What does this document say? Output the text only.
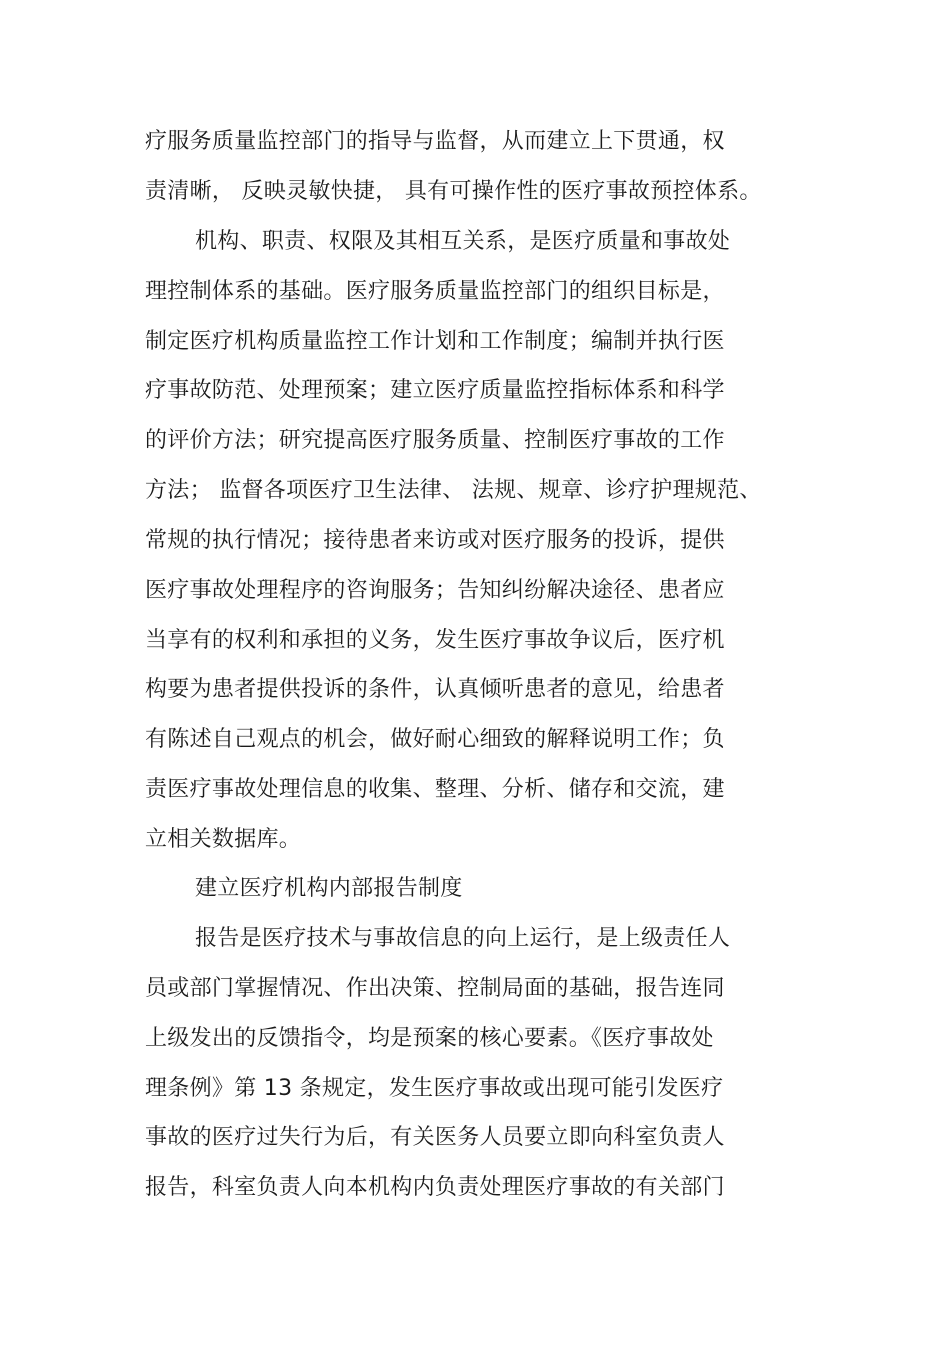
疗服务质量监控部门的指导与监督，从而建立上下贯通，权
责清晰， 反映灵敏快捷， 具有可操作性的医疗事故预控体系。
机构、职责、权限及其相互关系，是医疗质量和事故处
理控制体系的基础。医疗服务质量监控部门的组织目标是，
制定医疗机构质量监控工作计划和工作制度；编制并执行医
疗事故防范、处理预案；建立医疗质量监控指标体系和科学
的评价方法；研究提高医疗服务质量、控制医疗事故的工作
方法； 监督各项医疗卫生法律、 法规、规章、诊疗护理规范、
常规的执行情况；接待患者来访或对医疗服务的投诉，提供
医疗事故处理程序的咨询服务；告知纠纷解决途径、患者应
当享有的权利和承担的义务，发生医疗事故争议后，医疗机
构要为患者提供投诉的条件，认真倾听患者的意见，给患者
有陈述自己观点的机会，做好耐心细致的解释说明工作；负
责医疗事故处理信息的收集、整理、分析、储存和交流，建
立相关数据库。
建立医疗机构内部报告制度
报告是医疗技术与事故信息的向上运行，是上级责任人
员或部门掌握情况、作出决策、控制局面的基础，报告连同
上级发出的反馈指令，均是预案的核心要素。《医疗事故处
理条例》第 13 条规定，发生医疗事故或出现可能引发医疗
事故的医疗过失行为后，有关医务人员要立即向科室负责人
报告，科室负责人向本机构内负责处理医疗事故的有关部门
